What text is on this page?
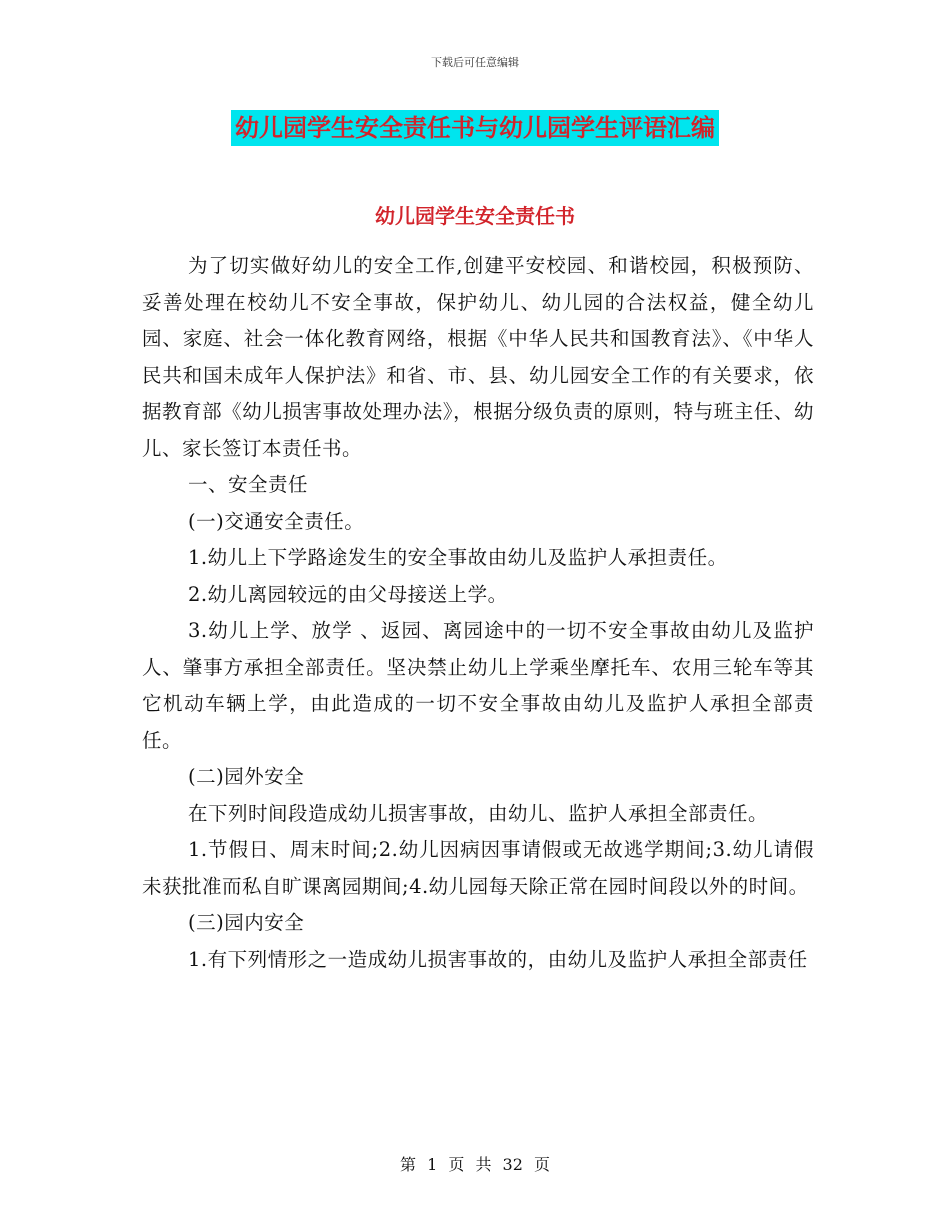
下载后可任意编辑
幼儿园学生安全责任书与幼儿园学生评语汇编
幼儿园学生安全责任书

为了切实做好幼儿的安全工作,创建平安校园、和谐校园，积极预防、妥善处理在校幼儿不安全事故，保护幼儿、幼儿园的合法权益，健全幼儿园、家庭、社会一体化教育网络，根据《中华人民共和国教育法》、《中华人民共和国未成年人保护法》和省、市、县、幼儿园安全工作的有关要求，依据教育部《幼儿损害事故处理办法》，根据分级负责的原则，特与班主任、幼儿、家长签订本责任书。

一、安全责任

(一)交通安全责任。

1.幼儿上下学路途发生的安全事故由幼儿及监护人承担责任。

2.幼儿离园较远的由父母接送上学。

3.幼儿上学、放学 、返园、离园途中的一切不安全事故由幼儿及监护人、肇事方承担全部责任。坚决禁止幼儿上学乘坐摩托车、农用三轮车等其它机动车辆上学，由此造成的一切不安全事故由幼儿及监护人承担全部责任。

(二)园外安全

在下列时间段造成幼儿损害事故，由幼儿、监护人承担全部责任。

1.节假日、周末时间;2.幼儿因病因事请假或无故逃学期间;3.幼儿请假未获批准而私自旷课离园期间;4.幼儿园每天除正常在园时间段以外的时间。

(三)园内安全

1.有下列情形之一造成幼儿损害事故的，由幼儿及监护人承担全部责任

第 1 页 共 32 页
